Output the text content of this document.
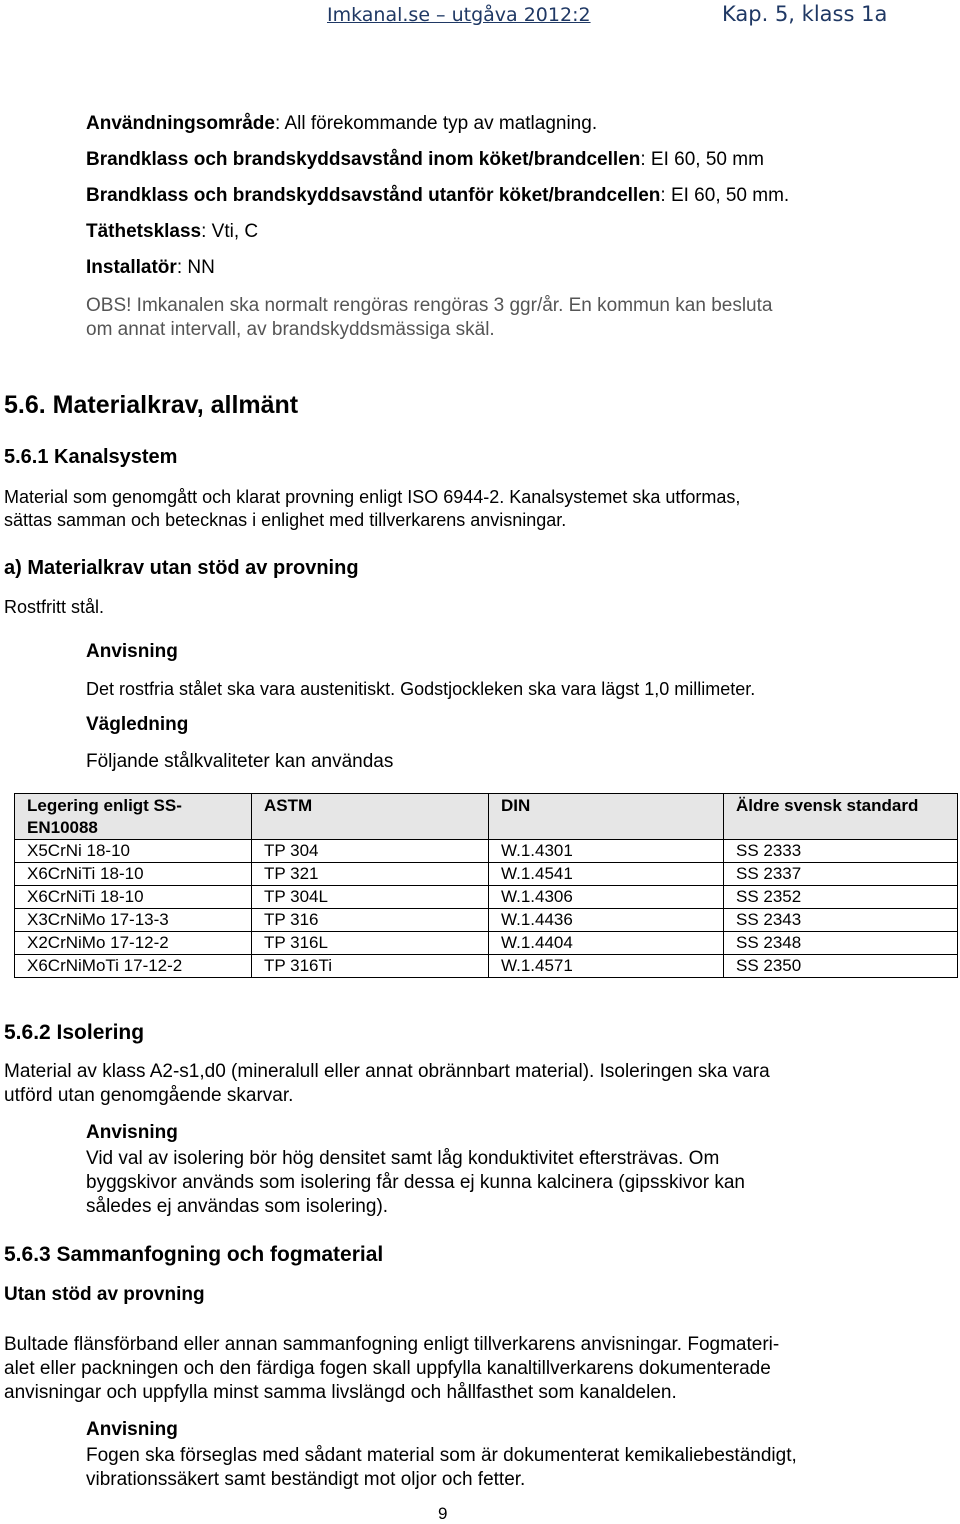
Imkanal.se – utgåva 2012:2	Kap. 5, klass 1a

Användningsområde: All förekommande typ av matlagning.

Brandklass och brandskyddsavstånd inom köket/brandcellen: EI 60, 50 mm

Brandklass och brandskyddsavstånd utanför köket/brandcellen: EI 60, 50 mm.

Täthetsklass: Vti, C

Installatör: NN

OBS! Imkanalen ska normalt rengöras rengöras 3 ggr/år. En kommun kan besluta

om annat intervall, av brandskyddsmässiga skäl.

5.6. Materialkrav, allmänt

5.6.1 Kanalsystem

Material som genomgått och klarat provning enligt ISO 6944-2. Kanalsystemet ska utformas,

sättas samman och betecknas i enlighet med tillverkarens anvisningar.

a) Materialkrav utan stöd av provning

Rostfritt stål.

Anvisning

Det rostfria stålet ska vara austenitiskt. Godstjockleken ska vara lägst 1,0 millimeter.

Vägledning

Följande stålkvaliteter kan användas

Legering enligt SS-EN10088	ASTM	DIN	Äldre svensk standard
X5CrNi 18-10	TP 304	W.1.4301	SS 2333
X6CrNiTi 18-10	TP 321	W.1.4541	SS 2337
X6CrNiTi 18-10	TP 304L	W.1.4306	SS 2352
X3CrNiMo 17-13-3	TP 316	W.1.4436	SS 2343
X2CrNiMo 17-12-2	TP 316L	W.1.4404	SS 2348
X6CrNiMoTi 17-12-2	TP 316Ti	W.1.4571	SS 2350

5.6.2 Isolering

Material av klass A2-s1,d0 (mineralull eller annat obrännbart material). Isoleringen ska vara

utförd utan genomgående skarvar.

Anvisning

Vid val av isolering bör hög densitet samt låg konduktivitet eftersträvas. Om

byggskivor används som isolering får dessa ej kunna kalcinera (gipsskivor kan

således ej användas som isolering).

5.6.3 Sammanfogning och fogmaterial

Utan stöd av provning

Bultade flänsförband eller annan sammanfogning enligt tillverkarens anvisningar. Fogmateri-

alet eller packningen och den färdiga fogen skall uppfylla kanaltillverkarens dokumenterade

anvisningar och uppfylla minst samma livslängd och hållfasthet som kanaldelen.

Anvisning

Fogen ska förseglas med sådant material som är dokumenterat kemikaliebeständigt,

vibrationssäkert samt beständigt mot oljor och fetter.

9
